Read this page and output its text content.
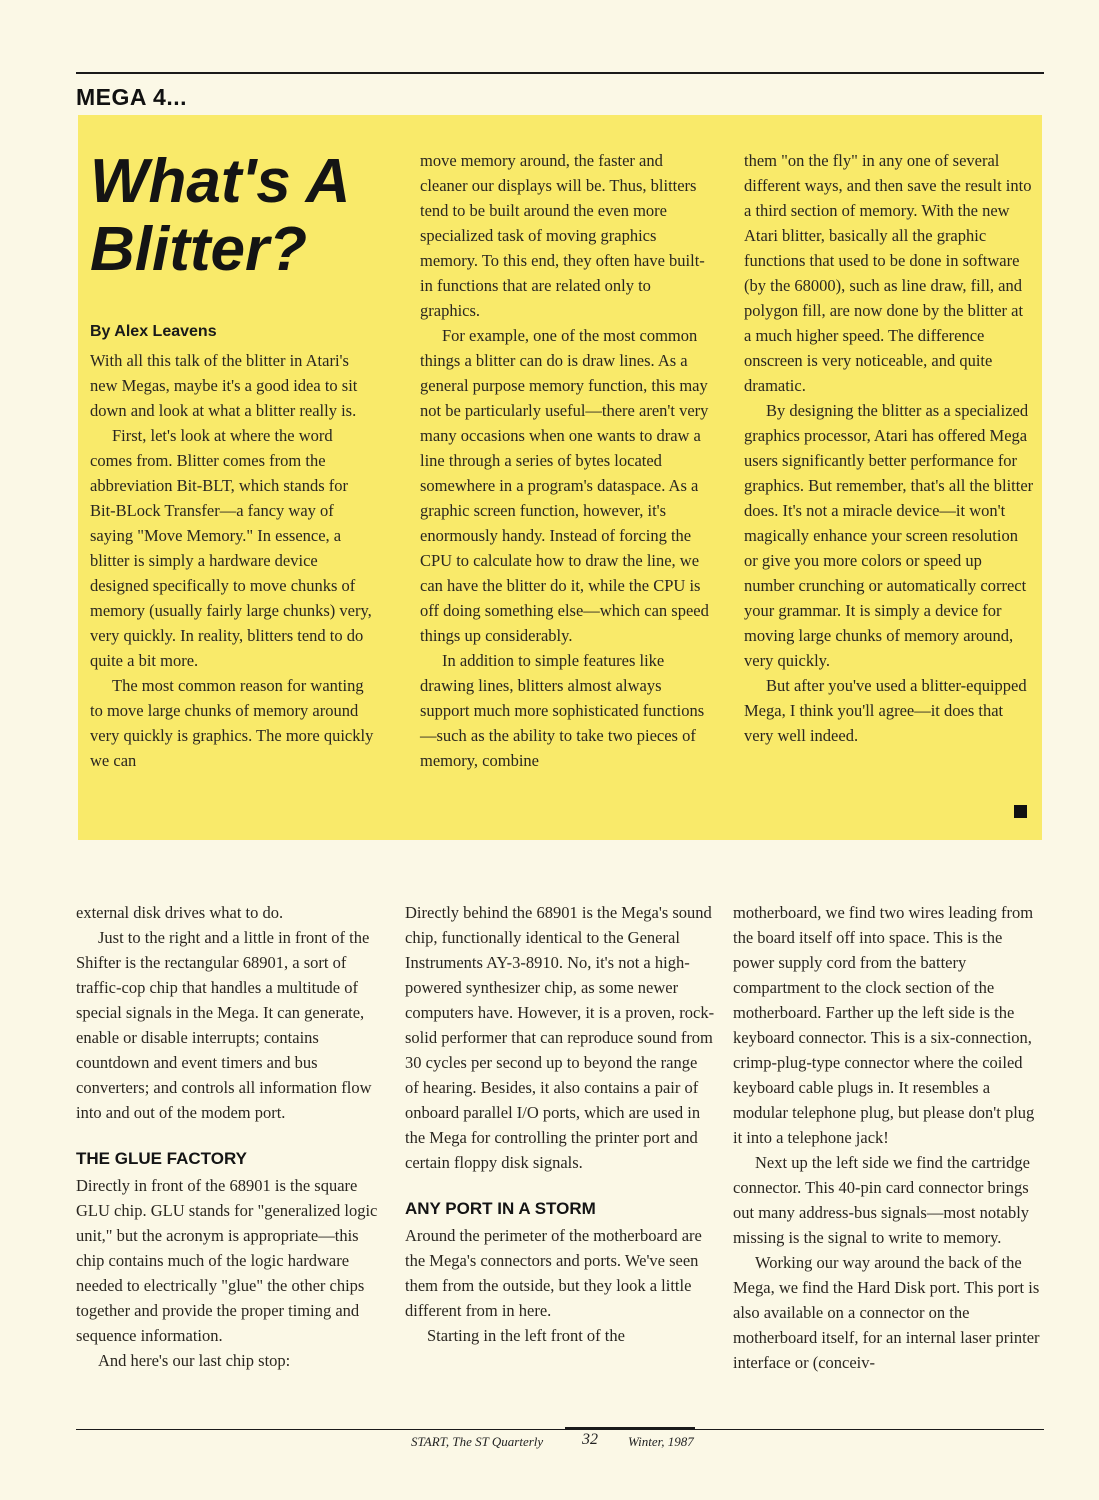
MEGA 4...
What's A Blitter?
By Alex Leavens

With all this talk of the blitter in Atari's new Megas, maybe it's a good idea to sit down and look at what a blitter really is.

First, let's look at where the word comes from. Blitter comes from the abbreviation Bit-BLT, which stands for Bit-BLock Transfer—a fancy way of saying "Move Memory." In essence, a blitter is simply a hardware device designed specifically to move chunks of memory (usually fairly large chunks) very, very quickly. In reality, blitters tend to do quite a bit more.

The most common reason for wanting to move large chunks of memory around very quickly is graphics. The more quickly we can

move memory around, the faster and cleaner our displays will be. Thus, blitters tend to be built around the even more specialized task of moving graphics memory. To this end, they often have built-in functions that are related only to graphics.

For example, one of the most common things a blitter can do is draw lines. As a general purpose memory function, this may not be particularly useful—there aren't very many occasions when one wants to draw a line through a series of bytes located somewhere in a program's dataspace. As a graphic screen function, however, it's enormously handy. Instead of forcing the CPU to calculate how to draw the line, we can have the blitter do it, while the CPU is off doing something else—which can speed things up considerably.

In addition to simple features like drawing lines, blitters almost always support much more sophisticated functions—such as the ability to take two pieces of memory, combine

them "on the fly" in any one of several different ways, and then save the result into a third section of memory. With the new Atari blitter, basically all the graphic functions that used to be done in software (by the 68000), such as line draw, fill, and polygon fill, are now done by the blitter at a much higher speed. The difference onscreen is very noticeable, and quite dramatic.

By designing the blitter as a specialized graphics processor, Atari has offered Mega users significantly better performance for graphics. But remember, that's all the blitter does. It's not a miracle device—it won't magically enhance your screen resolution or give you more colors or speed up number crunching or automatically correct your grammar. It is simply a device for moving large chunks of memory around, very quickly.

But after you've used a blitter-equipped Mega, I think you'll agree—it does that very well indeed.

external disk drives what to do.

Just to the right and a little in front of the Shifter is the rectangular 68901, a sort of traffic-cop chip that handles a multitude of special signals in the Mega. It can generate, enable or disable interrupts; contains countdown and event timers and bus converters; and controls all information flow into and out of the modem port.

THE GLUE FACTORY

Directly in front of the 68901 is the square GLU chip. GLU stands for "generalized logic unit," but the acronym is appropriate—this chip contains much of the logic hardware needed to electrically "glue" the other chips together and provide the proper timing and sequence information.

And here's our last chip stop:

Directly behind the 68901 is the Mega's sound chip, functionally identical to the General Instruments AY-3-8910. No, it's not a high-powered synthesizer chip, as some newer computers have. However, it is a proven, rock-solid performer that can reproduce sound from 30 cycles per second up to beyond the range of hearing. Besides, it also contains a pair of onboard parallel I/O ports, which are used in the Mega for controlling the printer port and certain floppy disk signals.

ANY PORT IN A STORM

Around the perimeter of the motherboard are the Mega's connectors and ports. We've seen them from the outside, but they look a little different from in here.

Starting in the left front of the

motherboard, we find two wires leading from the board itself off into space. This is the power supply cord from the battery compartment to the clock section of the motherboard. Farther up the left side is the keyboard connector. This is a six-connection, crimp-plug-type connector where the coiled keyboard cable plugs in. It resembles a modular telephone plug, but please don't plug it into a telephone jack!

Next up the left side we find the cartridge connector. This 40-pin card connector brings out many address-bus signals—most notably missing is the signal to write to memory.

Working our way around the back of the Mega, we find the Hard Disk port. This port is also available on a connector on the motherboard itself, for an internal laser printer interface or (conceiv-

START, The ST Quarterly 32 Winter, 1987
